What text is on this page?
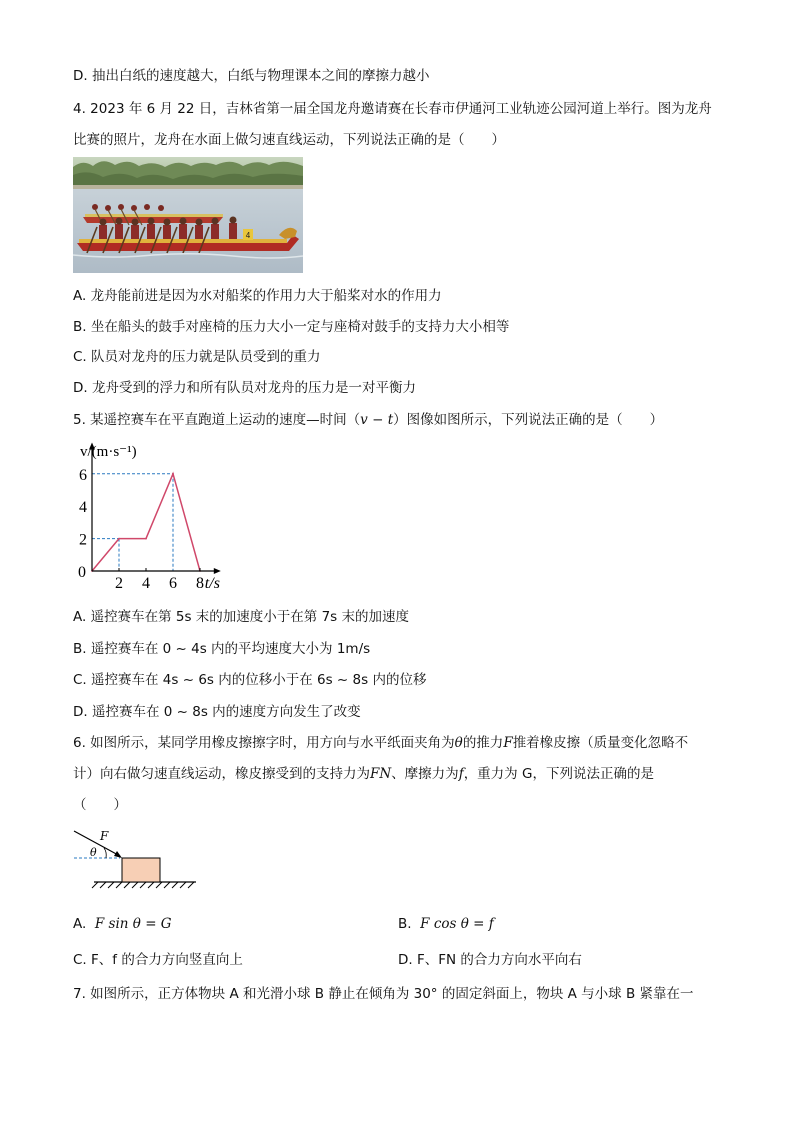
D. 抽出白纸的速度越大，白纸与物理课本之间的摩擦力越小
4. 2023 年 6 月 22 日，吉林省第一届全国龙舟邀请赛在长春市伊通河工业轨迹公园河道上举行。图为龙舟
比赛的照片，龙舟在水面上做匀速直线运动，下列说法正确的是（　　）
4
A. 龙舟能前进是因为水对船桨的作用力大于船桨对水的作用力
B. 坐在船头的鼓手对座椅的压力大小一定与座椅对鼓手的支持力大小相等
C. 队员对龙舟的压力就是队员受到的重力
D. 龙舟受到的浮力和所有队员对龙舟的压力是一对平衡力
5. 某遥控赛车在平直跑道上运动的速度—时间（v − t）图像如图所示，下列说法正确的是（　　）
0
2 4 6 8
2
4
6
v/(m·s⁻¹)
t/s
A. 遥控赛车在第 5s 末的加速度小于在第 7s 末的加速度
B. 遥控赛车在 0 ~ 4s 内的平均速度大小为 1m/s
C. 遥控赛车在 4s ~ 6s 内的位移小于在 6s ~ 8s 内的位移
D. 遥控赛车在 0 ~ 8s 内的速度方向发生了改变
6. 如图所示，某同学用橡皮擦擦字时，用方向与水平纸面夹角为θ的推力F推着橡皮擦（质量变化忽略不
计）向右做匀速直线运动，橡皮擦受到的支持力为FN、摩擦力为f，重力为 G，下列说法正确的是
（　　）
F
θ
A. F sin θ = G	B. F cos θ = f
C. F、f 的合力方向竖直向上	D. F、FN 的合力方向水平向右
7. 如图所示，正方体物块 A 和光滑小球 B 静止在倾角为 30° 的固定斜面上，物块 A 与小球 B 紧靠在一
